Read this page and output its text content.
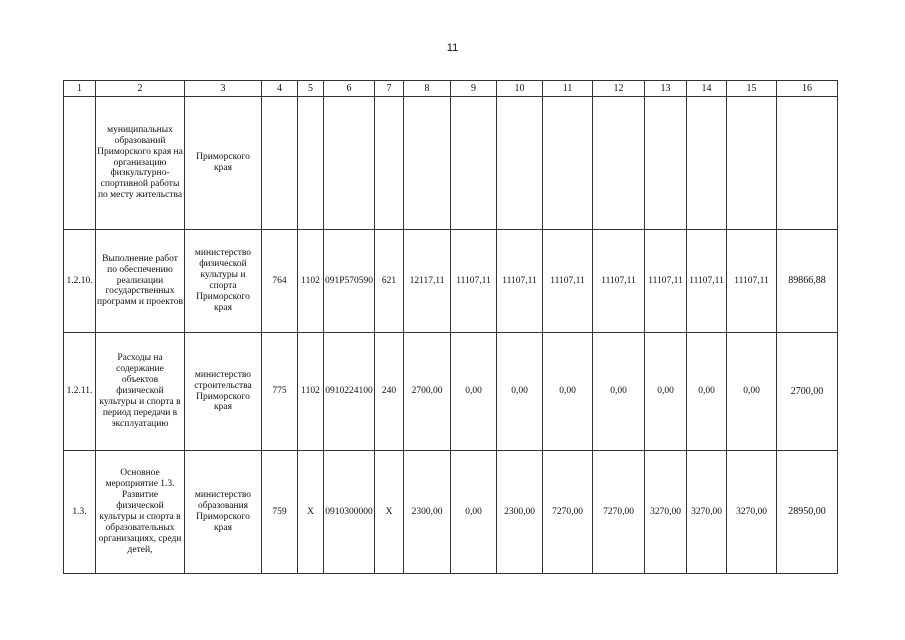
11
1	2	3	4	5	6	7	8	9	10	11	12	13	14	15	16
	муниципальных образований Приморского края на организацию физкультурно-спортивной работы по месту жительства	Приморского края													
1.2.10.	Выполнение работ по обеспечению реализации государственных программ и проектов	министерство физической культуры и спорта Приморского края	764	1102	091P570590	621	12117,11	11107,11	11107,11	11107,11	11107,11	11107,11	11107,11	11107,11	89866,88
1.2.11.	Расходы на содержание объектов физической культуры и спорта в период передачи в эксплуатацию	министерство строительства Приморского края	775	1102	0910224100	240	2700,00	0,00	0,00	0,00	0,00	0,00	0,00	0,00	2700,00
1.3.	Основное мероприятие 1.3. Развитие физической культуры и спорта в образовательных организациях, среди детей,	министерство образования Приморского края	759	X	0910300000	X	2300,00	0,00	2300,00	7270,00	7270,00	3270,00	3270,00	3270,00	28950,00
